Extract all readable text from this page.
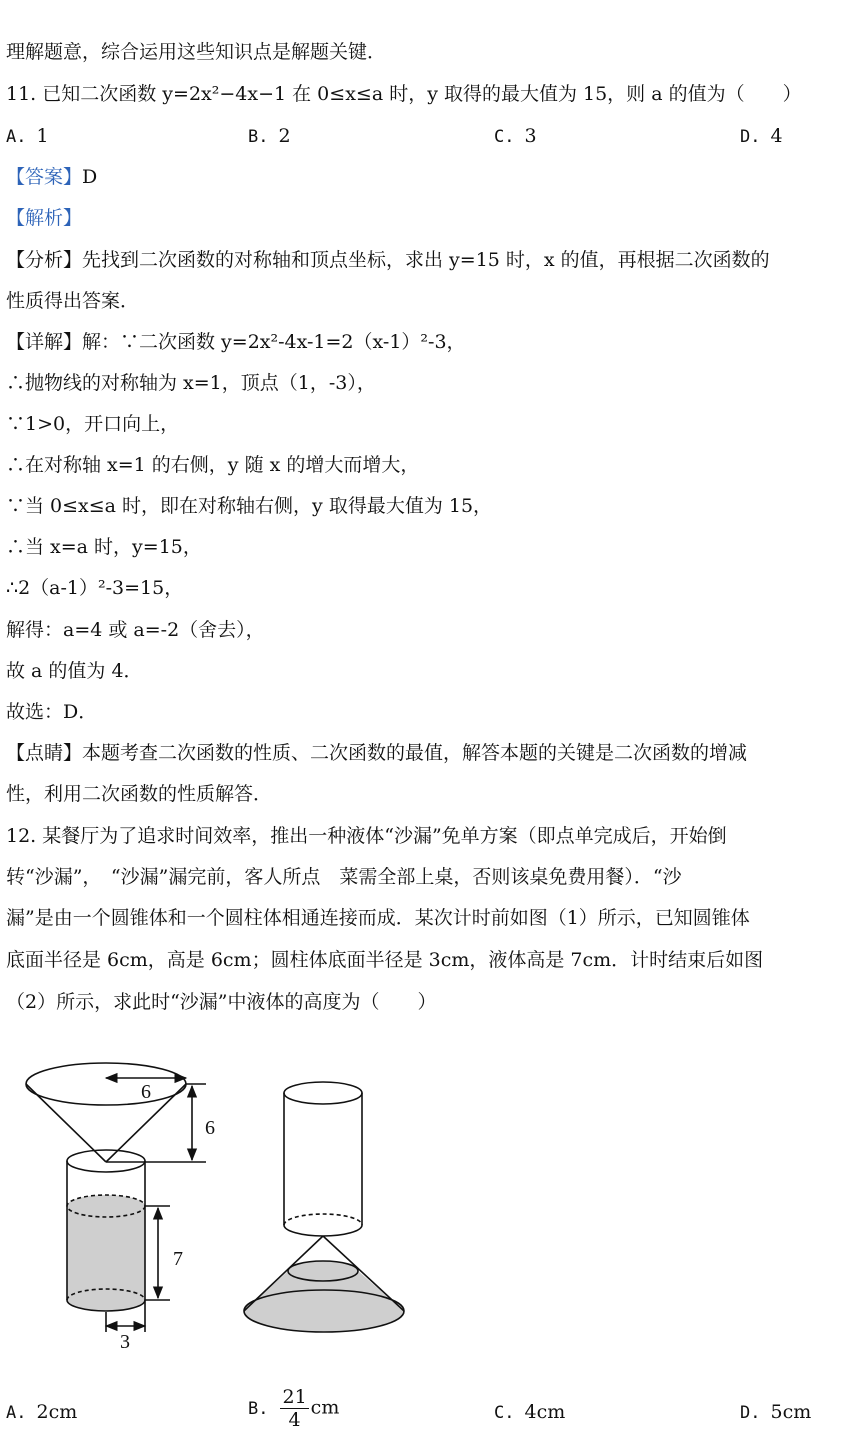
理解题意，综合运用这些知识点是解题关键．
11. 已知二次函数 y=2x²−4x−1 在 0≤x≤a 时，y 取得的最大值为 15，则 a 的值为（　　）
A. 1	B. 2	C. 3	D. 4
【答案】D
【解析】
【分析】先找到二次函数的对称轴和顶点坐标，求出 y=15 时，x 的值，再根据二次函数的
性质得出答案．
【详解】解：∵二次函数 y=2x²-4x-1=2（x-1）²-3，
∴抛物线的对称轴为 x=1，顶点（1，-3），
∵1>0，开口向上，
∴在对称轴 x=1 的右侧，y 随 x 的增大而增大，
∵当 0≤x≤a 时，即在对称轴右侧，y 取得最大值为 15，
∴当 x=a 时，y=15，
∴2（a-1）²-3=15，
解得：a=4 或 a=-2（舍去），
故 a 的值为 4．
故选：D．
【点睛】本题考查二次函数的性质、二次函数的最值，解答本题的关键是二次函数的增减
性，利用二次函数的性质解答．
12. 某餐厅为了追求时间效率，推出一种液体“沙漏”免单方案（即点单完成后，开始倒
转“沙漏”，　“沙漏”漏完前，客人所点　菜需全部上桌，否则该桌免费用餐）．“沙
漏”是由一个圆锥体和一个圆柱体相通连接而成．某次计时前如图（1）所示，已知圆锥体
底面半径是 6cm，高是 6cm；圆柱体底面半径是 3cm，液体高是 7cm．计时结束后如图
（2）所示，求此时“沙漏”中液体的高度为（　　）
6
6
7
3
A. 2cm	B. $\frac{21}{4}$ cm	C. 4cm	D. 5cm
